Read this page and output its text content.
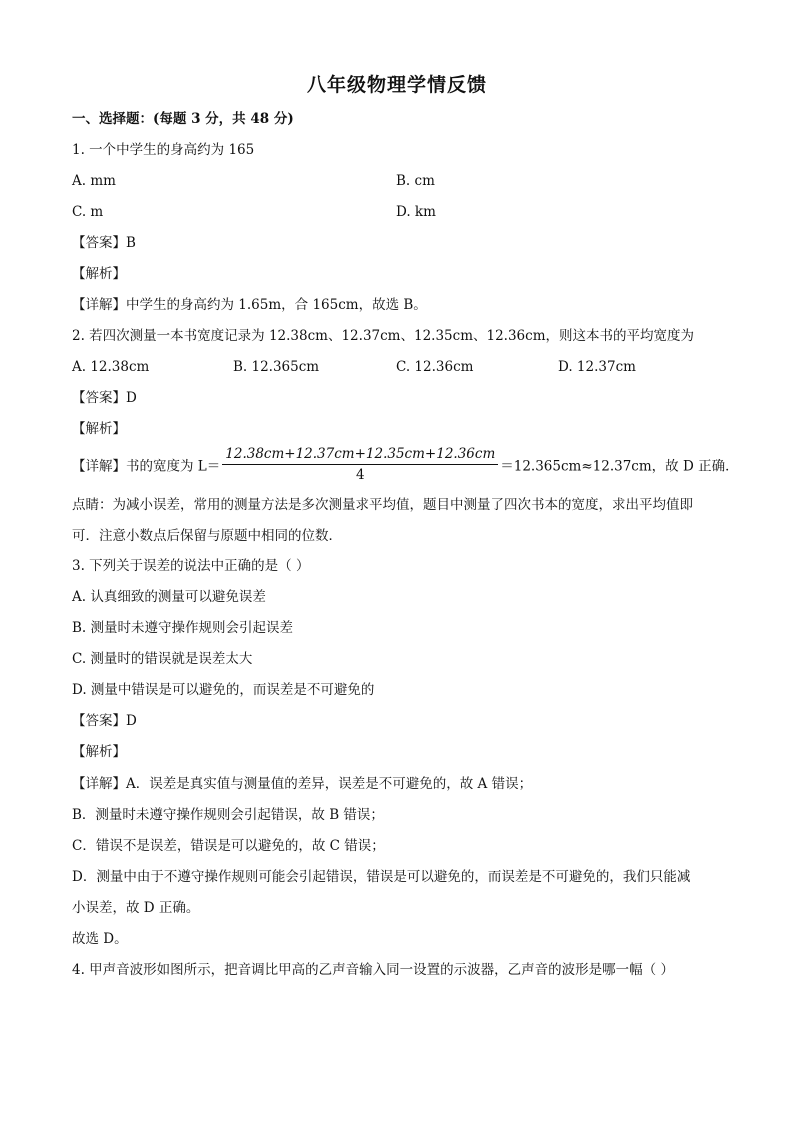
八年级物理学情反馈
一、选择题：(每题 3 分，共 48 分)
1. 一个中学生的身高约为 165
A. mm	B. cm
C. m	D. km
【答案】B
【解析】
【详解】中学生的身高约为 1.65m，合 165cm，故选 B。
2. 若四次测量一本书宽度记录为 12.38cm、12.37cm、12.35cm、12.36cm，则这本书的平均宽度为
A. 12.38cm	B. 12.365cm	C. 12.36cm	D. 12.37cm
【答案】D
【解析】
【详解】书的宽度为 $L= \frac{12.38cm+12.37cm+12.35cm+12.36cm}{4} =12.365cm\approx 12.37cm$，故 D 正确．
点睛：为减小误差，常用的测量方法是多次测量求平均值，题目中测量了四次书本的宽度，求出平均值即
可．注意小数点后保留与原题中相同的位数．
3. 下列关于误差的说法中正确的是（ ）
A. 认真细致的测量可以避免误差
B. 测量时未遵守操作规则会引起误差
C. 测量时的错误就是误差太大
D. 测量中错误是可以避免的，而误差是不可避免的
【答案】D
【解析】
【详解】A．误差是真实值与测量值的差异，误差是不可避免的，故 A 错误；
B．测量时未遵守操作规则会引起错误，故 B 错误；
C．错误不是误差，错误是可以避免的，故 C 错误；
D．测量中由于不遵守操作规则可能会引起错误，错误是可以避免的，而误差是不可避免的，我们只能减
小误差，故 D 正确。
故选 D。
4. 甲声音波形如图所示，把音调比甲高的乙声音输入同一设置的示波器，乙声音的波形是哪一幅（ ）
